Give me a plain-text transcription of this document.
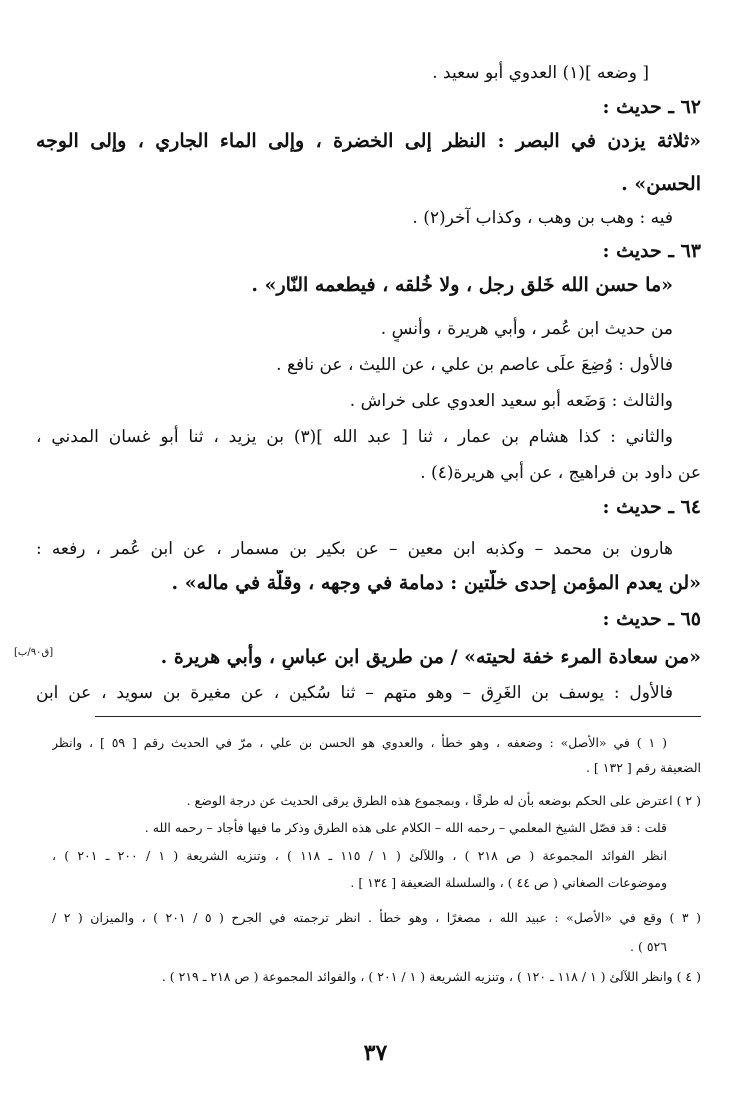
[ وضعه ](١) العدوي أبو سعيد .
٦٢ ـ حديث :
«ثلاثة يزدن في البصر : النظر إلى الخضرة ، وإلى الماء الجاري ، وإلى الوجه
الحسن» .
فيه : وهب بن وهب ، وكذاب آخر(٢) .
٦٣ ـ حديث :
«ما حسن الله خَلق رجل ، ولا خُلقه ، فيطعمه النّار» .
من حديث ابن عُمر ، وأبي هريرة ، وأنسٍ .
فالأول : وُضِعَ علَى عاصم بن علي ، عن الليث ، عن نافع .
والثالث : وَضَعه أبو سعيد العدوي على خراش .
والثاني : كذا هشام بن عمار ، ثنا [ عبد الله ](٣) بن يزيد ، ثنا أبو غسان المدني ،
عن داود بن فراهيج ، عن أبي هريرة(٤) .
٦٤ ـ حديث :
هارون بن محمد – وكذبه ابن معين – عن بكير بن مسمار ، عن ابن عُمر ، رفعه :
«لن يعدم المؤمن إحدى خلّتين : دمامة في وجهه ، وقلّة في ماله» .
٦٥ ـ حديث :
«من سعادة المرء خفة لحيته» / من طريق ابن عباسٍ ، وأبي هريرة .
فالأول : يوسف بن الغَرِق – وهو متهم – ثنا سُكين ، عن مغيرة بن سويد ، عن ابن
[ق٩٠/ب]
( ١ ) في «الأصل» : وضعفه ، وهو خطأ ، والعدوي هو الحسن بن علي ، مرّ في الحديث رقم [ ٥٩ ] ، وانظر
الضعيفة رقم [ ١٣٢ ] .
( ٢ ) اعترض على الحكم بوضعه بأن له طرقًا ، وبمجموع هذه الطرق يرقى الحديث عن درجة الوضع .
قلت : قد فصّل الشيخ المعلمي – رحمه الله – الكلام على هذه الطرق وذكر ما فيها فأجاد – رحمه الله .
انظر الفوائد المجموعة ( ص ٢١٨ ) ، واللآلئ ( ١ / ١١٥ ـ ١١٨ ) ، وتنزيه الشريعة ( ١ / ٢٠٠ ـ ٢٠١ ) ،
وموضوعات الصغاني ( ص ٤٤ ) ، والسلسلة الضعيفة [ ١٣٤ ] .
( ٣ ) وقع في «الأصل» : عبيد الله ، مصغرًا ، وهو خطأ . انظر ترجمته في الجرح ( ٥ / ٢٠١ ) ، والميزان ( ٢ /
٥٢٦ ) .
( ٤ ) وانظر اللآلئ ( ١ / ١١٨ ـ ١٢٠ ) ، وتنزيه الشريعة ( ١ / ٢٠١ ) ، والفوائد المجموعة ( ص ٢١٨ ـ ٢١٩ ) .
٣٧
